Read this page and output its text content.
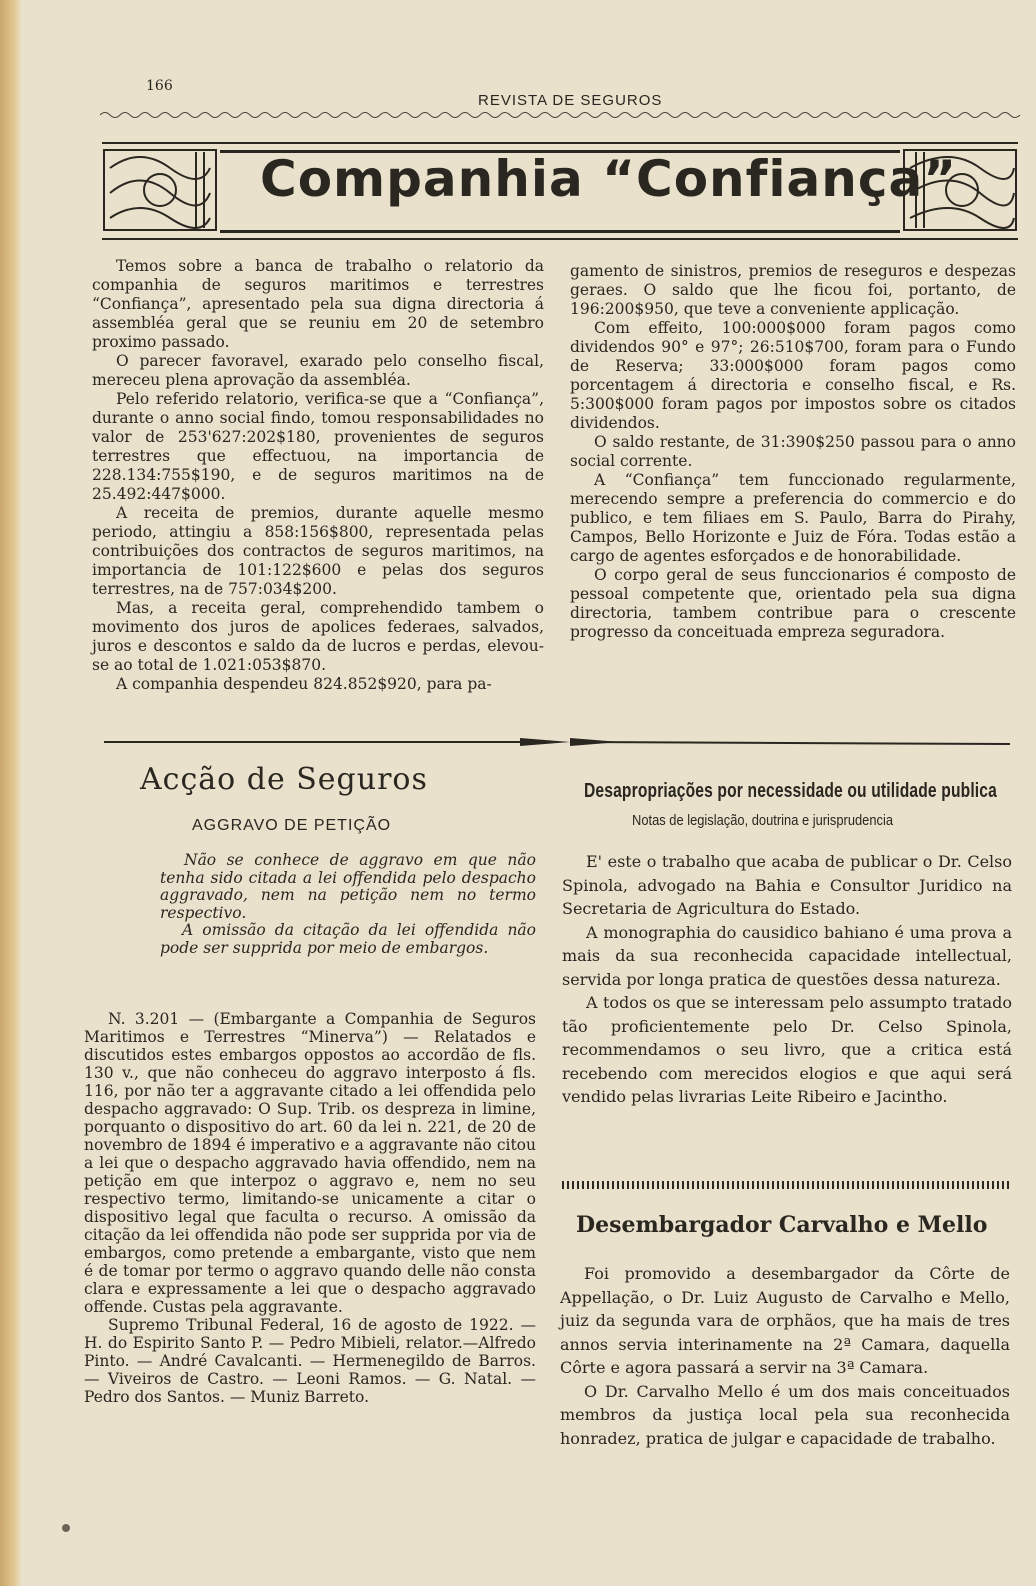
166
REVISTA DE SEGUROS
Companhia “Confiança”

Temos sobre a banca de trabalho o relatorio da companhia de seguros maritimos e terrestres “Confiança”, apresentado pela sua digna directoria á assembléa geral que se reuniu em 20 de setembro proximo passado.

O parecer favoravel, exarado pelo conselho fiscal, mereceu plena aprovação da assembléa.

Pelo referido relatorio, verifica-se que a “Confiança”, durante o anno social findo, tomou responsabilidades no valor de 253'627:202$180, provenientes de seguros terrestres que effectuou, na importancia de 228.134:755$190, e de seguros maritimos na de 25.492:447$000.

A receita de premios, durante aquelle mesmo periodo, attingiu a 858:156$800, representada pelas contribuições dos contractos de seguros maritimos, na importancia de 101:122$600 e pelas dos seguros terrestres, na de 757:034$200.

Mas, a receita geral, comprehendido tambem o movimento dos juros de apolices federaes, salvados, juros e descontos e saldo da de lucros e perdas, elevou-se ao total de 1.021:053$870.

A companhia despendeu 824.852$920, para pa-

gamento de sinistros, premios de reseguros e despezas geraes. O saldo que lhe ficou foi, portanto, de 196:200$950, que teve a conveniente applicação.

Com effeito, 100:000$000 foram pagos como dividendos 90° e 97°; 26:510$700, foram para o Fundo de Reserva; 33:000$000 foram pagos como porcentagem á directoria e conselho fiscal, e Rs. 5:300$000 foram pagos por impostos sobre os citados dividendos.

O saldo restante, de 31:390$250 passou para o anno social corrente.

A “Confiança” tem funccionado regularmente, merecendo sempre a preferencia do commercio e do publico, e tem filiaes em S. Paulo, Barra do Pirahy, Campos, Bello Horizonte e Juiz de Fóra. Todas estão a cargo de agentes esforçados e de honorabilidade.

O corpo geral de seus funccionarios é composto de pessoal competente que, orientado pela sua digna directoria, tambem contribue para o crescente progresso da conceituada empreza seguradora.

Acção de Seguros
AGGRAVO DE PETIÇÃO

Não se conhece de aggravo em que não tenha sido citada a lei offendida pelo despacho aggravado, nem na petição nem no termo respectivo.

A omissão da citação da lei offendida não pode ser supprida por meio de embargos.

N. 3.201 — (Embargante a Companhia de Seguros Maritimos e Terrestres “Minerva”) — Relatados e discutidos estes embargos oppostos ao accordão de fls. 130 v., que não conheceu do aggravo interposto á fls. 116, por não ter a aggravante citado a lei offendida pelo despacho aggravado: O Sup. Trib. os despreza in limine, porquanto o dispositivo do art. 60 da lei n. 221, de 20 de novembro de 1894 é imperativo e a aggravante não citou a lei que o despacho aggravado havia offendido, nem na petição em que interpoz o aggravo e, nem no seu respectivo termo, limitando-se unicamente a citar o dispositivo legal que faculta o recurso. A omissão da citação da lei offendida não pode ser supprida por via de embargos, como pretende a embargante, visto que nem é de tomar por termo o aggravo quando delle não consta clara e expressamente a lei que o despacho aggravado offende. Custas pela aggravante.

Supremo Tribunal Federal, 16 de agosto de 1922. — H. do Espirito Santo P. — Pedro Mibieli, relator.—Alfredo Pinto. — André Cavalcanti. — Hermenegildo de Barros. — Viveiros de Castro. — Leoni Ramos. — G. Natal. — Pedro dos Santos. — Muniz Barreto.

Desapropriações por necessidade ou utilidade publica
Notas de legislação, doutrina e jurisprudencia

E' este o trabalho que acaba de publicar o Dr. Celso Spinola, advogado na Bahia e Consultor Juridico na Secretaria de Agricultura do Estado.

A monographia do causidico bahiano é uma prova a mais da sua reconhecida capacidade intellectual, servida por longa pratica de questões dessa natureza.

A todos os que se interessam pelo assumpto tratado tão proficientemente pelo Dr. Celso Spinola, recommendamos o seu livro, que a critica está recebendo com merecidos elogios e que aqui será vendido pelas livrarias Leite Ribeiro e Jacintho.

Desembargador Carvalho e Mello

Foi promovido a desembargador da Côrte de Appellação, o Dr. Luiz Augusto de Carvalho e Mello, juiz da segunda vara de orphãos, que ha mais de tres annos servia interinamente na 2ª Camara, daquella Côrte e agora passará a servir na 3ª Camara.

O Dr. Carvalho Mello é um dos mais conceituados membros da justiça local pela sua reconhecida honradez, pratica de julgar e capacidade de trabalho.
